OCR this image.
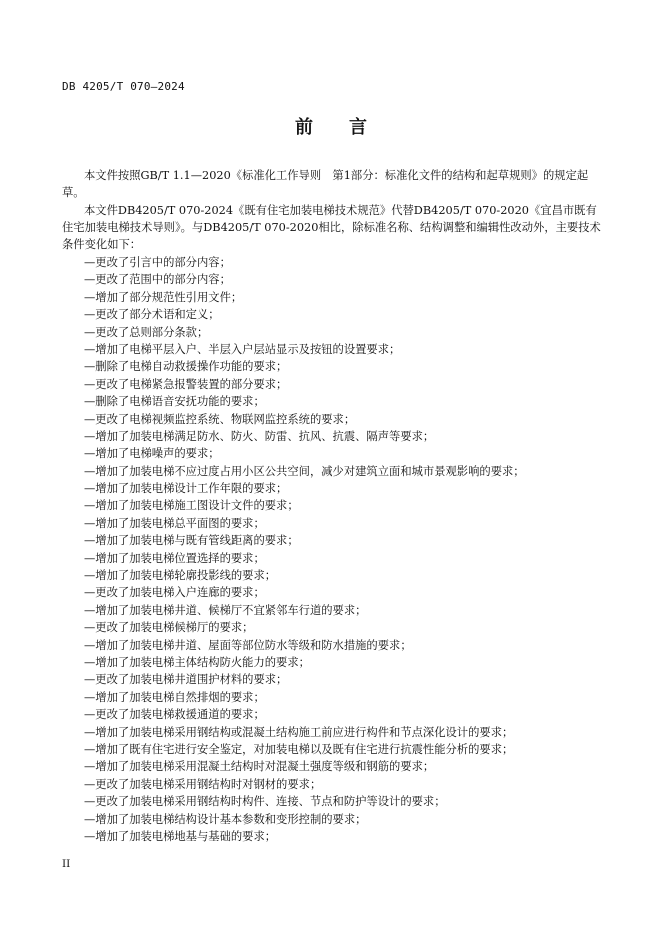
DB 4205/T 070—2024
前　　言

本文件按照GB/T 1.1—2020《标准化工作导则　第1部分：标准化文件的结构和起草规则》的规定起草。

本文件DB4205/T 070-2024《既有住宅加装电梯技术规范》代替DB4205/T 070-2020《宜昌市既有住宅加装电梯技术导则》。与DB4205/T 070-2020相比，除标准名称、结构调整和编辑性改动外，主要技术条件变化如下：

—更改了引言中的部分内容；
—更改了范围中的部分内容；
—增加了部分规范性引用文件；
—更改了部分术语和定义；
—更改了总则部分条款；
—增加了电梯平层入户、半层入户层站显示及按钮的设置要求；
—删除了电梯自动救援操作功能的要求；
—更改了电梯紧急报警装置的部分要求；
—删除了电梯语音安抚功能的要求；
—更改了电梯视频监控系统、物联网监控系统的要求；
—增加了加装电梯满足防水、防火、防雷、抗风、抗震、隔声等要求；
—增加了电梯噪声的要求；
—增加了加装电梯不应过度占用小区公共空间，减少对建筑立面和城市景观影响的要求；
—增加了加装电梯设计工作年限的要求；
—增加了加装电梯施工图设计文件的要求；
—增加了加装电梯总平面图的要求；
—增加了加装电梯与既有管线距离的要求；
—增加了加装电梯位置选择的要求；
—增加了加装电梯轮廓投影线的要求；
—更改了加装电梯入户连廊的要求；
—增加了加装电梯井道、候梯厅不宜紧邻车行道的要求；
—更改了加装电梯候梯厅的要求；
—增加了加装电梯井道、屋面等部位防水等级和防水措施的要求；
—增加了加装电梯主体结构防火能力的要求；
—更改了加装电梯井道围护材料的要求；
—增加了加装电梯自然排烟的要求；
—更改了加装电梯救援通道的要求；
—增加了加装电梯采用钢结构或混凝土结构施工前应进行构件和节点深化设计的要求；
—增加了既有住宅进行安全鉴定，对加装电梯以及既有住宅进行抗震性能分析的要求；
—增加了加装电梯采用混凝土结构时对混凝土强度等级和钢筋的要求；
—更改了加装电梯采用钢结构时对钢材的要求；
—更改了加装电梯采用钢结构时构件、连接、节点和防护等设计的要求；
—增加了加装电梯结构设计基本参数和变形控制的要求；
—增加了加装电梯地基与基础的要求；
II
